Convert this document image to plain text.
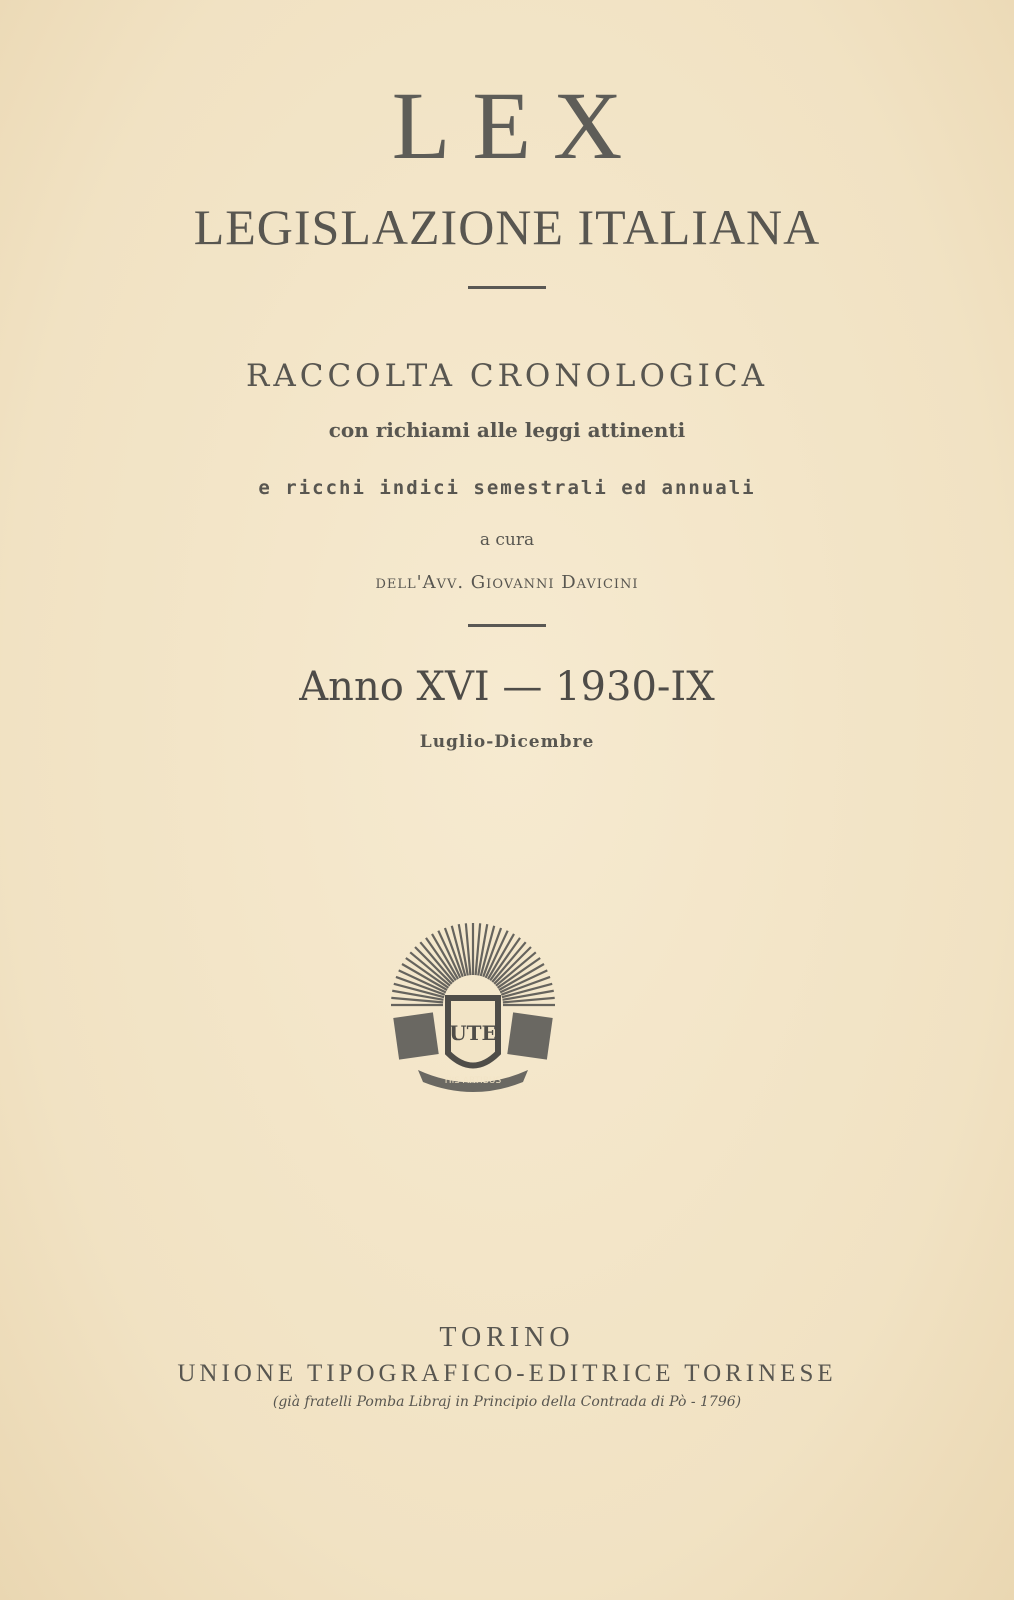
LEX
LEGISLAZIONE ITALIANA
RACCOLTA CRONOLOGICA
con richiami alle leggi attinenti
e ricchi indici semestrali ed annuali
a cura
dell'Avv. Giovanni Davicini
Anno XVI — 1930-IX
Luglio-Dicembre
UTE
HIS ARTIBUS
TORINO
UNIONE TIPOGRAFICO-EDITRICE TORINESE
(già fratelli Pomba Libraj in Principio della Contrada di Pò - 1796)
